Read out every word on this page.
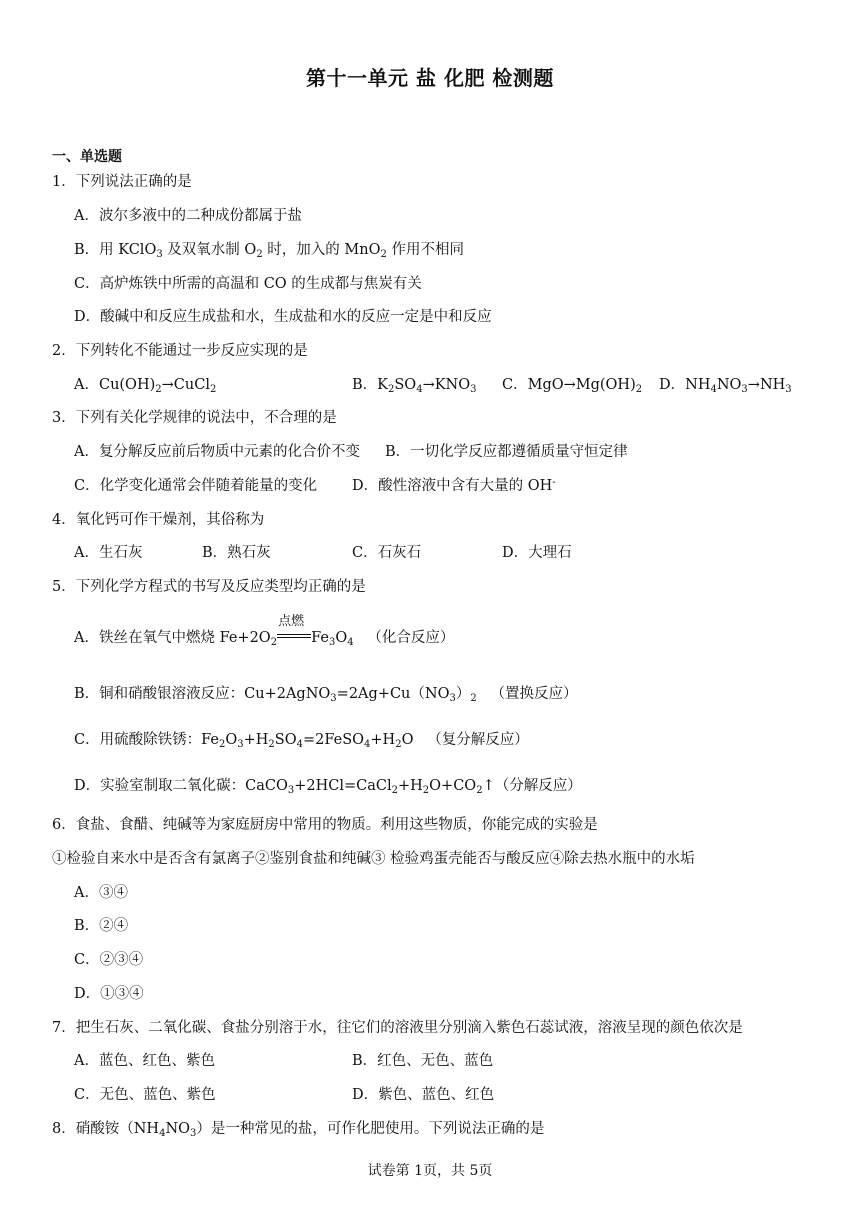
第十一单元 盐 化肥 检测题
一、单选题
1．下列说法正确的是
A．波尔多液中的二种成份都属于盐
B．用 KClO$_3$ 及双氧水制 $O_2$ 时，加入的 MnO$_2$ 作用不相同
C．高炉炼铁中所需的高温和 CO 的生成都与焦炭有关
D．酸碱中和反应生成盐和水，生成盐和水的反应一定是中和反应
2．下列转化不能通过一步反应实现的是
A．$Cu(OH)_2\to CuCl_2$	B．$K_2SO_4\to KNO_3$ C．$MgO\to Mg(OH)_2$ D．$NH_4NO_3\to NH_3$
3．下列有关化学规律的说法中，不合理的是
A．复分解反应前后物质中元素的化合价不变 B．一切化学反应都遵循质量守恒定律
C．化学变化通常会伴随着能量的变化 D．酸性溶液中含有大量的 OH-
4．氧化钙可作干燥剂，其俗称为
A．生石灰	B．熟石灰	C．石灰石	D．大理石
5．下列化学方程式的书写及反应类型均正确的是
A．铁丝在氧气中燃烧 $Fe+2O_2$
点燃
$Fe_3O_4$ （化合反应）
B．铜和硝酸银溶液反应：$Cu+2AgNO_3=2Ag+Cu(NO_3)_2$ （置换反应）
C．用硫酸除铁锈：$Fe_2O_3+H_2SO_4=2FeSO_4+H_2O$ （复分解反应）
D．实验室制取二氧化碳：$CaCO_3+2HCl=CaCl_2+H_2O+CO_2↑$（分解反应）
6．食盐、食醋、纯碱等为家庭厨房中常用的物质。利用这些物质，你能完成的实验是
①检验自来水中是否含有氯离子②鉴别食盐和纯碱③ 检验鸡蛋壳能否与酸反应④除去热水瓶中的水垢
A．③④
B．②④
C．②③④
D．①③④
7．把生石灰、二氧化碳、食盐分别溶于水，往它们的溶液里分别滴入紫色石蕊试液，溶液呈现的颜色依次是
A．蓝色、红色、紫色	B．红色、无色、蓝色
C．无色、蓝色、紫色	D．紫色、蓝色、红色
8．硝酸铵$(NH_4NO_3)$是一种常见的盐，可作化肥使用。下列说法正确的是
试卷第 1页，共 5页
